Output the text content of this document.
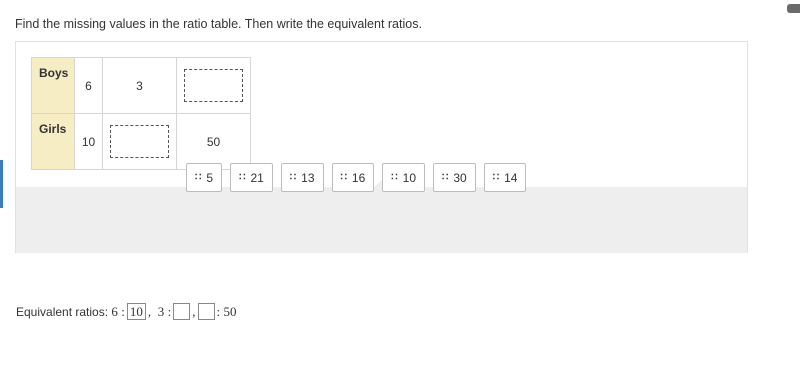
Find the missing values in the ratio table. Then write the equivalent ratios.
Boys	6	3	
Girls	10		50
∷ 5	∷ 21	∷ 13	∷ 16	∷ 10	∷ 30	∷ 14
Equivalent ratios:
6
: 10 ,
3
: , :
50
